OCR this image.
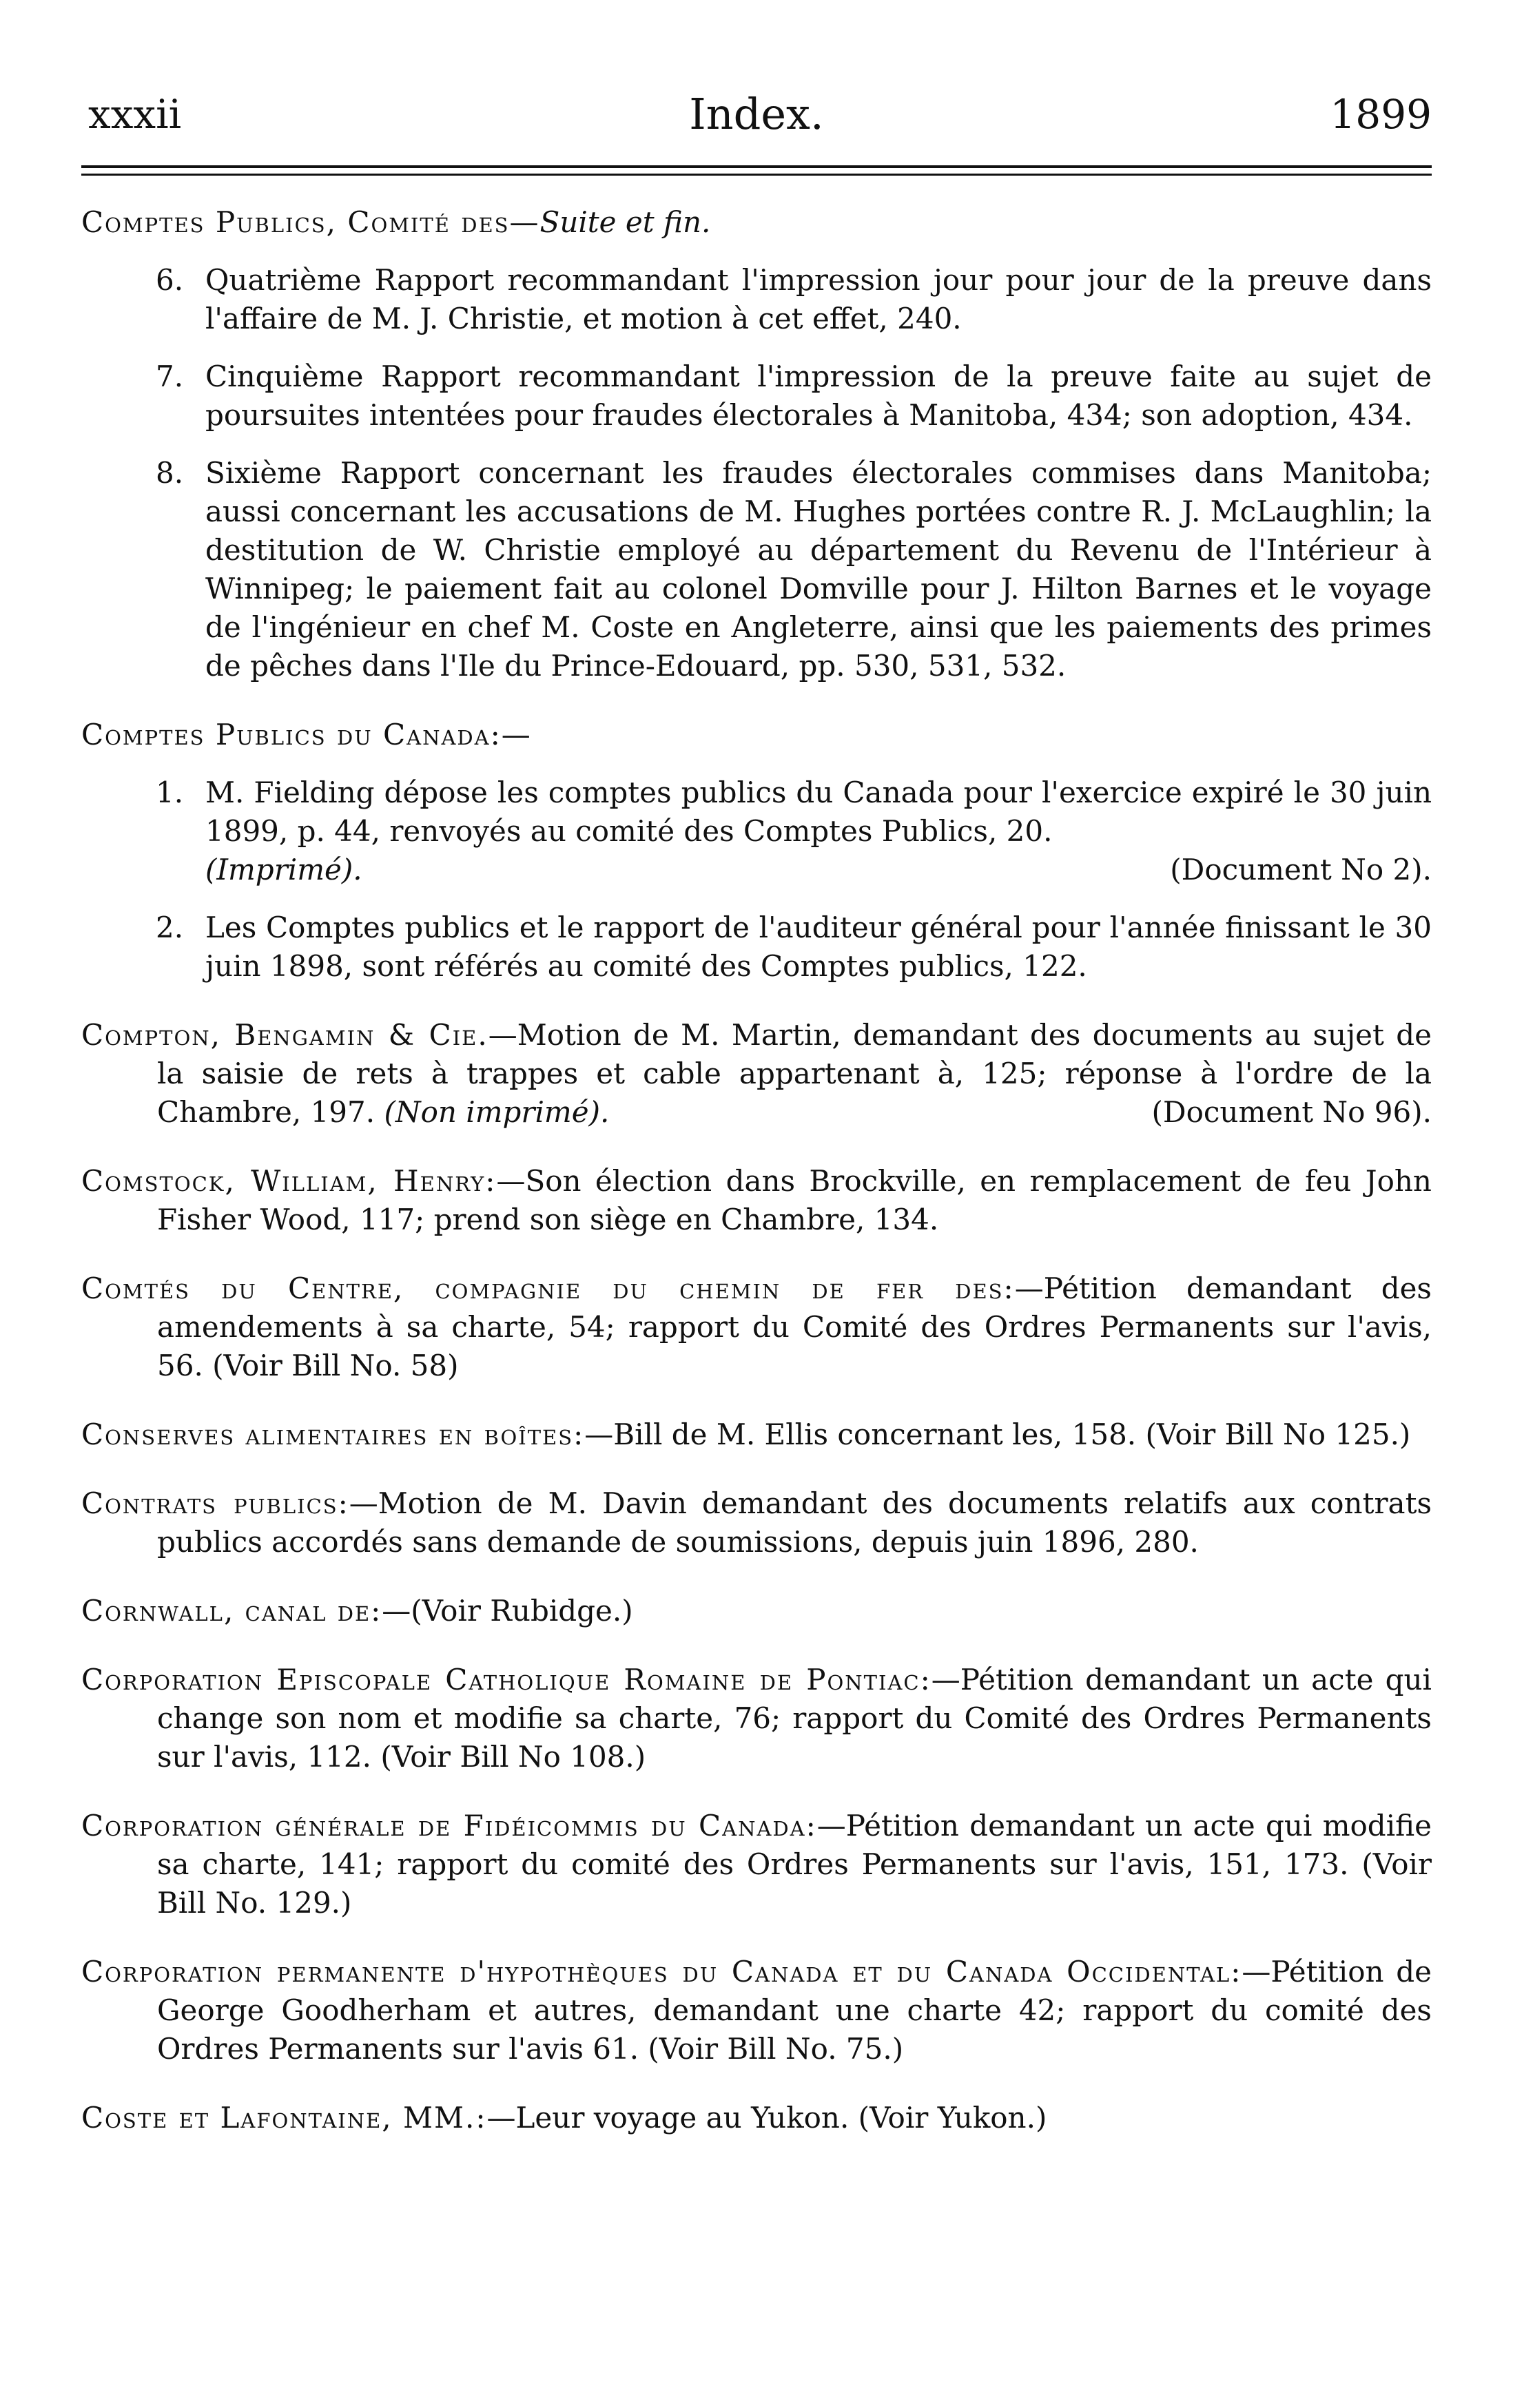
xxxii	Index.	1899
Comptes Publics, Comité des—Suite et fin.
6. Quatrième Rapport recommandant l'impression jour pour jour de la preuve dans l'affaire de M. J. Christie, et motion à cet effet, 240.
7. Cinquième Rapport recommandant l'impression de la preuve faite au sujet de poursuites intentées pour fraudes électorales à Manitoba, 434; son adoption, 434.
8. Sixième Rapport concernant les fraudes électorales commises dans Manitoba; aussi concernant les accusations de M. Hughes portées contre R. J. McLaughlin; la destitution de W. Christie employé au département du Revenu de l'Intérieur à Winnipeg; le paiement fait au colonel Domville pour J. Hilton Barnes et le voyage de l'ingénieur en chef M. Coste en Angleterre, ainsi que les paiements des primes de pêches dans l'Ile du Prince-Edouard, pp. 530, 531, 532.
Comptes Publics du Canada:—
1. M. Fielding dépose les comptes publics du Canada pour l'exercice expiré le 30 juin 1899, p. 44, renvoyés au comité des Comptes Publics, 20.
(Imprimé).	(Document No 2).
2. Les Comptes publics et le rapport de l'auditeur général pour l'année finissant le 30 juin 1898, sont référés au comité des Comptes publics, 122.
Compton, Bengamin & Cie.—Motion de M. Martin, demandant des documents au sujet de la saisie de rets à trappes et cable appartenant à, 125; réponse à l'ordre de la Chambre, 197. (Non imprimé).	(Document No 96).
Comstock, William, Henry:—Son élection dans Brockville, en remplacement de feu John Fisher Wood, 117; prend son siège en Chambre, 134.
Comtés du Centre, compagnie du chemin de fer des:—Pétition demandant des amendements à sa charte, 54; rapport du Comité des Ordres Permanents sur l'avis, 56. (Voir Bill No. 58)
Conserves alimentaires en boîtes:—Bill de M. Ellis concernant les, 158. (Voir Bill No 125.)
Contrats publics:—Motion de M. Davin demandant des documents relatifs aux contrats publics accordés sans demande de soumissions, depuis juin 1896, 280.
Cornwall, canal de:—(Voir Rubidge.)
Corporation Episcopale Catholique Romaine de Pontiac:—Pétition demandant un acte qui change son nom et modifie sa charte, 76; rapport du Comité des Ordres Permanents sur l'avis, 112. (Voir Bill No 108.)
Corporation générale de Fidéicommis du Canada:—Pétition demandant un acte qui modifie sa charte, 141; rapport du comité des Ordres Permanents sur l'avis, 151, 173. (Voir Bill No. 129.)
Corporation permanente d'hypothèques du Canada et du Canada Occidental:—Pétition de George Goodherham et autres, demandant une charte 42; rapport du comité des Ordres Permanents sur l'avis 61. (Voir Bill No. 75.)
Coste et Lafontaine, MM.:—Leur voyage au Yukon. (Voir Yukon.)
